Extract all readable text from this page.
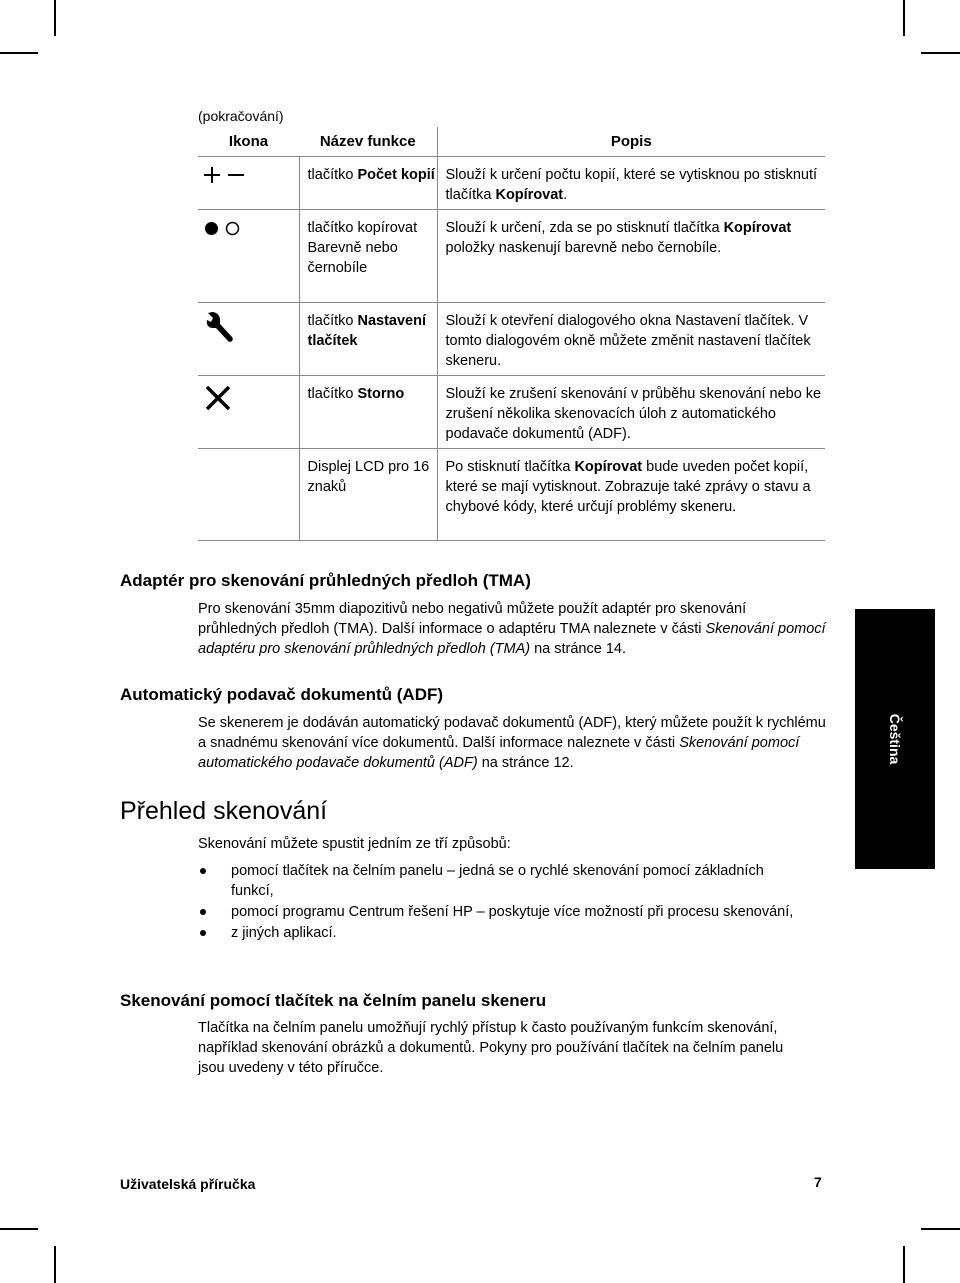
(pokračování)
Ikona	Název funkce	Popis

	tlačítko Počet kopií	Slouží k určení počtu kopií, které se vytisknou po stisknutí tlačítka Kopírovat.

	tlačítko kopírovat Barevně nebo černobíle	Slouží k určení, zda se po stisknutí tlačítka Kopírovat položky naskenují barevně nebo černobíle.
	tlačítko Nastavení tlačítek	Slouží k otevření dialogového okna Nastavení tlačítek. V tomto dialogovém okně můžete změnit nastavení tlačítek skeneru.
	tlačítko Storno	Slouží ke zrušení skenování v průběhu skenování nebo ke zrušení několika skenovacích úloh z automatického podavače dokumentů (ADF).
	Displej LCD pro 16 znaků	Po stisknutí tlačítka Kopírovat bude uveden počet kopií, které se mají vytisknout. Zobrazuje také zprávy o stavu a chybové kódy, které určují problémy skeneru.
Adaptér pro skenování průhledných předloh (TMA)

Pro skenování 35mm diapozitivů nebo negativů můžete použít adaptér pro skenování průhledných předloh (TMA). Další informace o adaptéru TMA naleznete v části Skenování pomocí adaptéru pro skenování průhledných předloh (TMA) na stránce 14.

Automatický podavač dokumentů (ADF)

Se skenerem je dodáván automatický podavač dokumentů (ADF), který můžete použít k rychlému a snadnému skenování více dokumentů. Další informace naleznete v části Skenování pomocí automatického podavače dokumentů (ADF) na stránce 12.

Přehled skenování

Skenování můžete spustit jedním ze tří způsobů:

pomocí tlačítek na čelním panelu – jedná se o rychlé skenování pomocí základních funkcí,
pomocí programu Centrum řešení HP – poskytuje více možností při procesu skenování,
z jiných aplikací.
Skenování pomocí tlačítek na čelním panelu skeneru

Tlačítka na čelním panelu umožňují rychlý přístup k často používaným funkcím skenování, například skenování obrázků a dokumentů. Pokyny pro používání tlačítek na čelním panelu jsou uvedeny v této příručce.

Čeština
Uživatelská příručka	7
